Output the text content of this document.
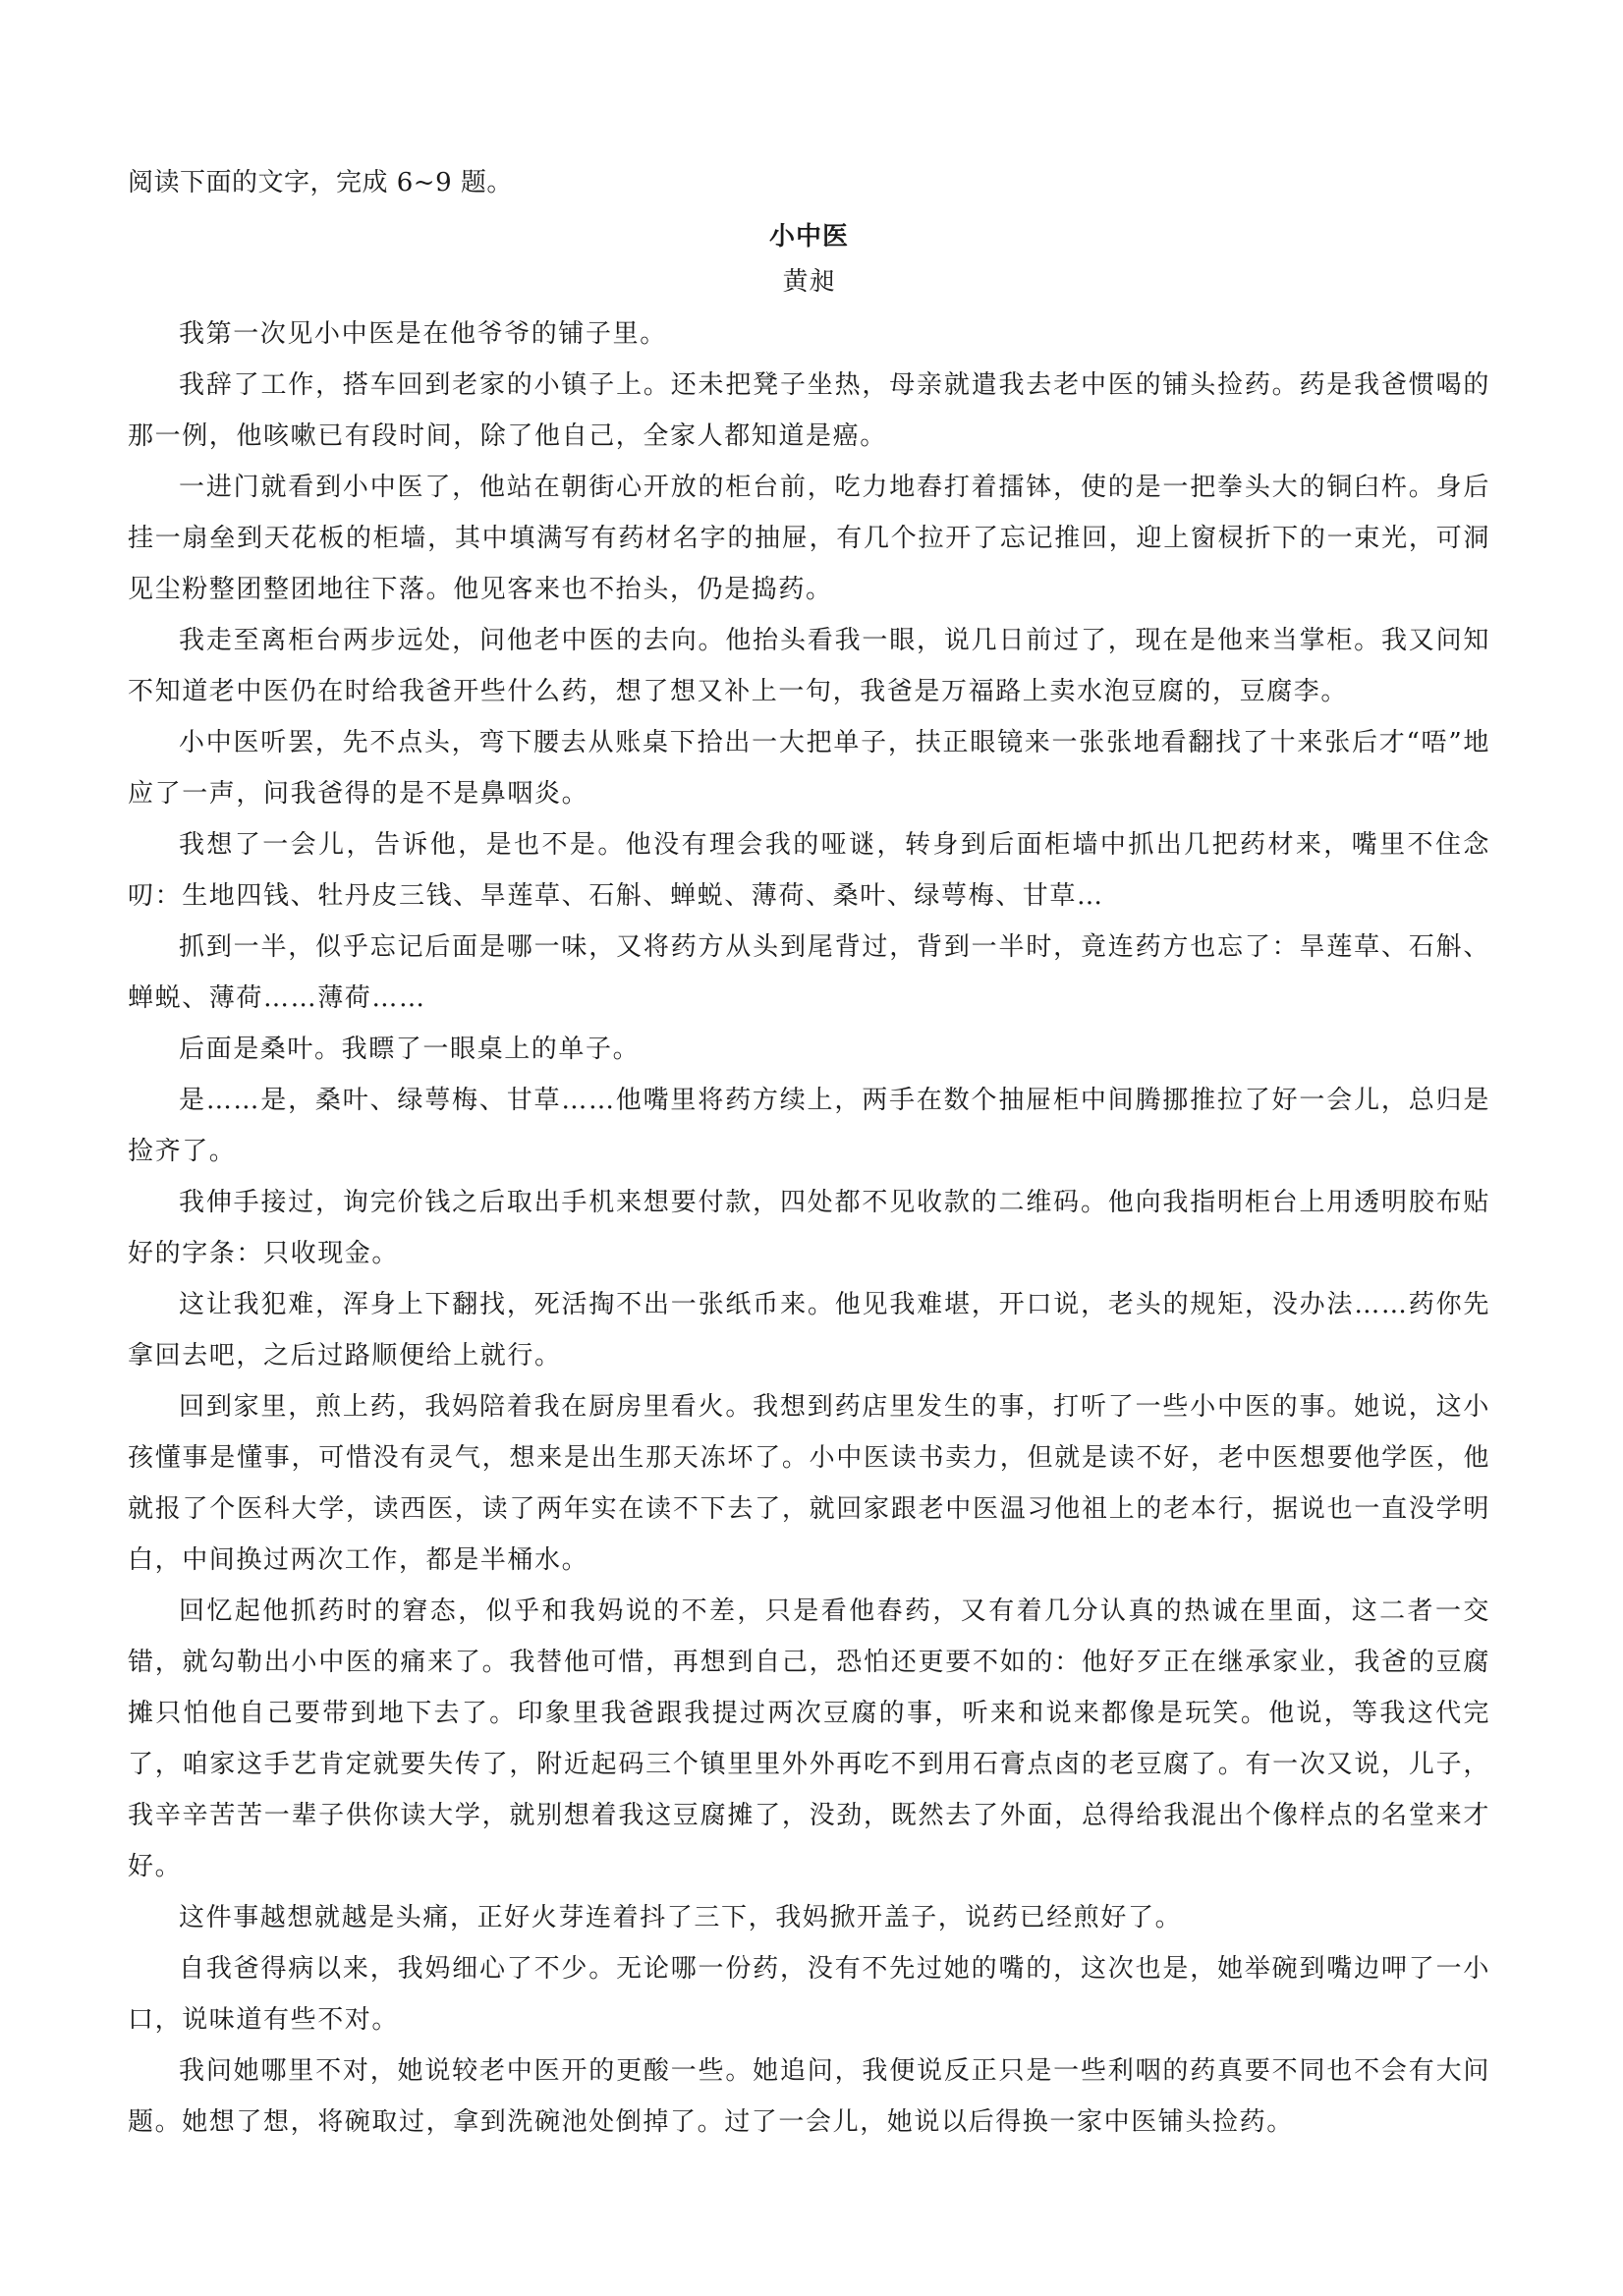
阅读下面的文字，完成 6~9 题。

小中医

黄昶

我第一次见小中医是在他爷爷的铺子里。

我辞了工作，搭车回到老家的小镇子上。还未把凳子坐热，母亲就遣我去老中医的铺头捡药。药是我爸惯喝的那一例，他咳嗽已有段时间，除了他自己，全家人都知道是癌。

一进门就看到小中医了，他站在朝街心开放的柜台前，吃力地舂打着擂钵，使的是一把拳头大的铜臼杵。身后挂一扇垒到天花板的柜墙，其中填满写有药材名字的抽屉，有几个拉开了忘记推回，迎上窗棂折下的一束光，可洞见尘粉整团整团地往下落。他见客来也不抬头，仍是捣药。

我走至离柜台两步远处，问他老中医的去向。他抬头看我一眼，说几日前过了，现在是他来当掌柜。我又问知不知道老中医仍在时给我爸开些什么药，想了想又补上一句，我爸是万福路上卖水泡豆腐的，豆腐李。

小中医听罢，先不点头，弯下腰去从账桌下拾出一大把单子，扶正眼镜来一张张地看翻找了十来张后才“唔”地应了一声，问我爸得的是不是鼻咽炎。

我想了一会儿，告诉他，是也不是。他没有理会我的哑谜，转身到后面柜墙中抓出几把药材来，嘴里不住念叨：生地四钱、牡丹皮三钱、旱莲草、石斛、蝉蜕、薄荷、桑叶、绿萼梅、甘草…

抓到一半，似乎忘记后面是哪一味，又将药方从头到尾背过，背到一半时，竟连药方也忘了：旱莲草、石斛、蝉蜕、薄荷……薄荷……

后面是桑叶。我瞟了一眼桌上的单子。

是……是，桑叶、绿萼梅、甘草……他嘴里将药方续上，两手在数个抽屉柜中间腾挪推拉了好一会儿，总归是捡齐了。

我伸手接过，询完价钱之后取出手机来想要付款，四处都不见收款的二维码。他向我指明柜台上用透明胶布贴好的字条：只收现金。

这让我犯难，浑身上下翻找，死活掏不出一张纸币来。他见我难堪，开口说，老头的规矩，没办法……药你先拿回去吧，之后过路顺便给上就行。

回到家里，煎上药，我妈陪着我在厨房里看火。我想到药店里发生的事，打听了一些小中医的事。她说，这小孩懂事是懂事，可惜没有灵气，想来是出生那天冻坏了。小中医读书卖力，但就是读不好，老中医想要他学医，他就报了个医科大学，读西医，读了两年实在读不下去了，就回家跟老中医温习他祖上的老本行，据说也一直没学明白，中间换过两次工作，都是半桶水。

回忆起他抓药时的窘态，似乎和我妈说的不差，只是看他舂药，又有着几分认真的热诚在里面，这二者一交错，就勾勒出小中医的痛来了。我替他可惜，再想到自己，恐怕还更要不如的：他好歹正在继承家业，我爸的豆腐摊只怕他自己要带到地下去了。印象里我爸跟我提过两次豆腐的事，听来和说来都像是玩笑。他说，等我这代完了，咱家这手艺肯定就要失传了，附近起码三个镇里里外外再吃不到用石膏点卤的老豆腐了。有一次又说，儿子，我辛辛苦苦一辈子供你读大学，就别想着我这豆腐摊了，没劲，既然去了外面，总得给我混出个像样点的名堂来才好。

这件事越想就越是头痛，正好火芽连着抖了三下，我妈掀开盖子，说药已经煎好了。

自我爸得病以来，我妈细心了不少。无论哪一份药，没有不先过她的嘴的，这次也是，她举碗到嘴边呷了一小口，说味道有些不对。

我问她哪里不对，她说较老中医开的更酸一些。她追问，我便说反正只是一些利咽的药真要不同也不会有大问题。她想了想，将碗取过，拿到洗碗池处倒掉了。过了一会儿，她说以后得换一家中医铺头捡药。
